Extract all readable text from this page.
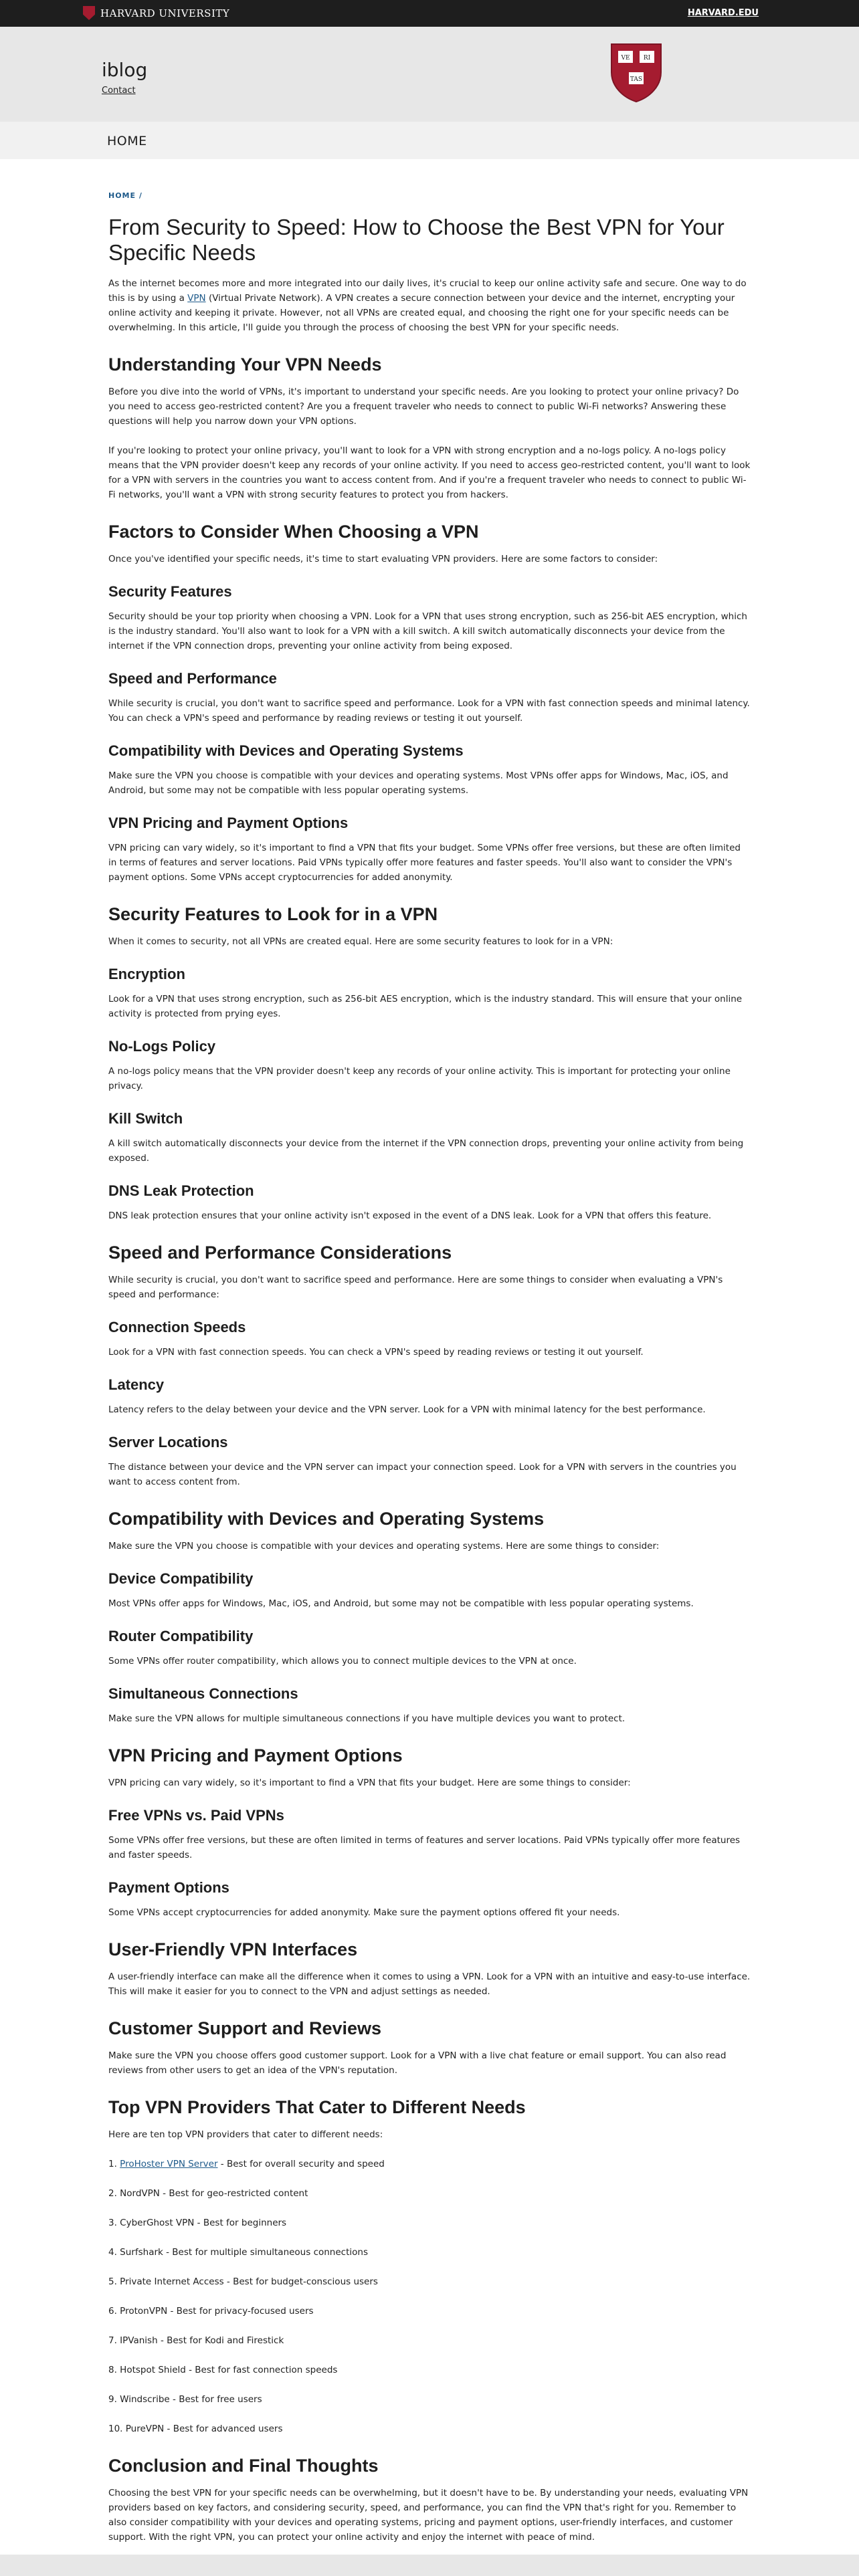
HARVARD UNIVERSITY	HARVARD.EDU
iblog
Contact
VE RI
TAS
HOME
HOME /
From Security to Speed: How to Choose the Best VPN for Your Specific Needs

As the internet becomes more and more integrated into our daily lives, it's crucial to keep our online activity safe and secure. One way to do this is by using a VPN (Virtual Private Network). A VPN creates a secure connection between your device and the internet, encrypting your online activity and keeping it private. However, not all VPNs are created equal, and choosing the right one for your specific needs can be overwhelming. In this article, I'll guide you through the process of choosing the best VPN for your specific needs.

Understanding Your VPN Needs

Before you dive into the world of VPNs, it's important to understand your specific needs. Are you looking to protect your online privacy? Do you need to access geo-restricted content? Are you a frequent traveler who needs to connect to public Wi-Fi networks? Answering these questions will help you narrow down your VPN options.

If you're looking to protect your online privacy, you'll want to look for a VPN with strong encryption and a no-logs policy. A no-logs policy means that the VPN provider doesn't keep any records of your online activity. If you need to access geo-restricted content, you'll want to look for a VPN with servers in the countries you want to access content from. And if you're a frequent traveler who needs to connect to public Wi-Fi networks, you'll want a VPN with strong security features to protect you from hackers.

Factors to Consider When Choosing a VPN

Once you've identified your specific needs, it's time to start evaluating VPN providers. Here are some factors to consider:

Security Features

Security should be your top priority when choosing a VPN. Look for a VPN that uses strong encryption, such as 256-bit AES encryption, which is the industry standard. You'll also want to look for a VPN with a kill switch. A kill switch automatically disconnects your device from the internet if the VPN connection drops, preventing your online activity from being exposed.

Speed and Performance

While security is crucial, you don't want to sacrifice speed and performance. Look for a VPN with fast connection speeds and minimal latency. You can check a VPN's speed and performance by reading reviews or testing it out yourself.

Compatibility with Devices and Operating Systems

Make sure the VPN you choose is compatible with your devices and operating systems. Most VPNs offer apps for Windows, Mac, iOS, and Android, but some may not be compatible with less popular operating systems.

VPN Pricing and Payment Options

VPN pricing can vary widely, so it's important to find a VPN that fits your budget. Some VPNs offer free versions, but these are often limited in terms of features and server locations. Paid VPNs typically offer more features and faster speeds. You'll also want to consider the VPN's payment options. Some VPNs accept cryptocurrencies for added anonymity.

Security Features to Look for in a VPN

When it comes to security, not all VPNs are created equal. Here are some security features to look for in a VPN:

Encryption

Look for a VPN that uses strong encryption, such as 256-bit AES encryption, which is the industry standard. This will ensure that your online activity is protected from prying eyes.

No-Logs Policy

A no-logs policy means that the VPN provider doesn't keep any records of your online activity. This is important for protecting your online privacy.

Kill Switch

A kill switch automatically disconnects your device from the internet if the VPN connection drops, preventing your online activity from being exposed.

DNS Leak Protection

DNS leak protection ensures that your online activity isn't exposed in the event of a DNS leak. Look for a VPN that offers this feature.

Speed and Performance Considerations

While security is crucial, you don't want to sacrifice speed and performance. Here are some things to consider when evaluating a VPN's speed and performance:

Connection Speeds

Look for a VPN with fast connection speeds. You can check a VPN's speed by reading reviews or testing it out yourself.

Latency

Latency refers to the delay between your device and the VPN server. Look for a VPN with minimal latency for the best performance.

Server Locations

The distance between your device and the VPN server can impact your connection speed. Look for a VPN with servers in the countries you want to access content from.

Compatibility with Devices and Operating Systems

Make sure the VPN you choose is compatible with your devices and operating systems. Here are some things to consider:

Device Compatibility

Most VPNs offer apps for Windows, Mac, iOS, and Android, but some may not be compatible with less popular operating systems.

Router Compatibility

Some VPNs offer router compatibility, which allows you to connect multiple devices to the VPN at once.

Simultaneous Connections

Make sure the VPN allows for multiple simultaneous connections if you have multiple devices you want to protect.

VPN Pricing and Payment Options

VPN pricing can vary widely, so it's important to find a VPN that fits your budget. Here are some things to consider:

Free VPNs vs. Paid VPNs

Some VPNs offer free versions, but these are often limited in terms of features and server locations. Paid VPNs typically offer more features and faster speeds.

Payment Options

Some VPNs accept cryptocurrencies for added anonymity. Make sure the payment options offered fit your needs.

User-Friendly VPN Interfaces

A user-friendly interface can make all the difference when it comes to using a VPN. Look for a VPN with an intuitive and easy-to-use interface. This will make it easier for you to connect to the VPN and adjust settings as needed.

Customer Support and Reviews

Make sure the VPN you choose offers good customer support. Look for a VPN with a live chat feature or email support. You can also read reviews from other users to get an idea of the VPN's reputation.

Top VPN Providers That Cater to Different Needs

Here are ten top VPN providers that cater to different needs:

1. ProHoster VPN Server - Best for overall security and speed

2. NordVPN - Best for geo-restricted content

3. CyberGhost VPN - Best for beginners

4. Surfshark - Best for multiple simultaneous connections

5. Private Internet Access - Best for budget-conscious users

6. ProtonVPN - Best for privacy-focused users

7. IPVanish - Best for Kodi and Firestick

8. Hotspot Shield - Best for fast connection speeds

9. Windscribe - Best for free users

10. PureVPN - Best for advanced users

Conclusion and Final Thoughts

Choosing the best VPN for your specific needs can be overwhelming, but it doesn't have to be. By understanding your needs, evaluating VPN providers based on key factors, and considering security, speed, and performance, you can find the VPN that's right for you. Remember to also consider compatibility with your devices and operating systems, pricing and payment options, user-friendly interfaces, and customer support. With the right VPN, you can protect your online activity and enjoy the internet with peace of mind.
